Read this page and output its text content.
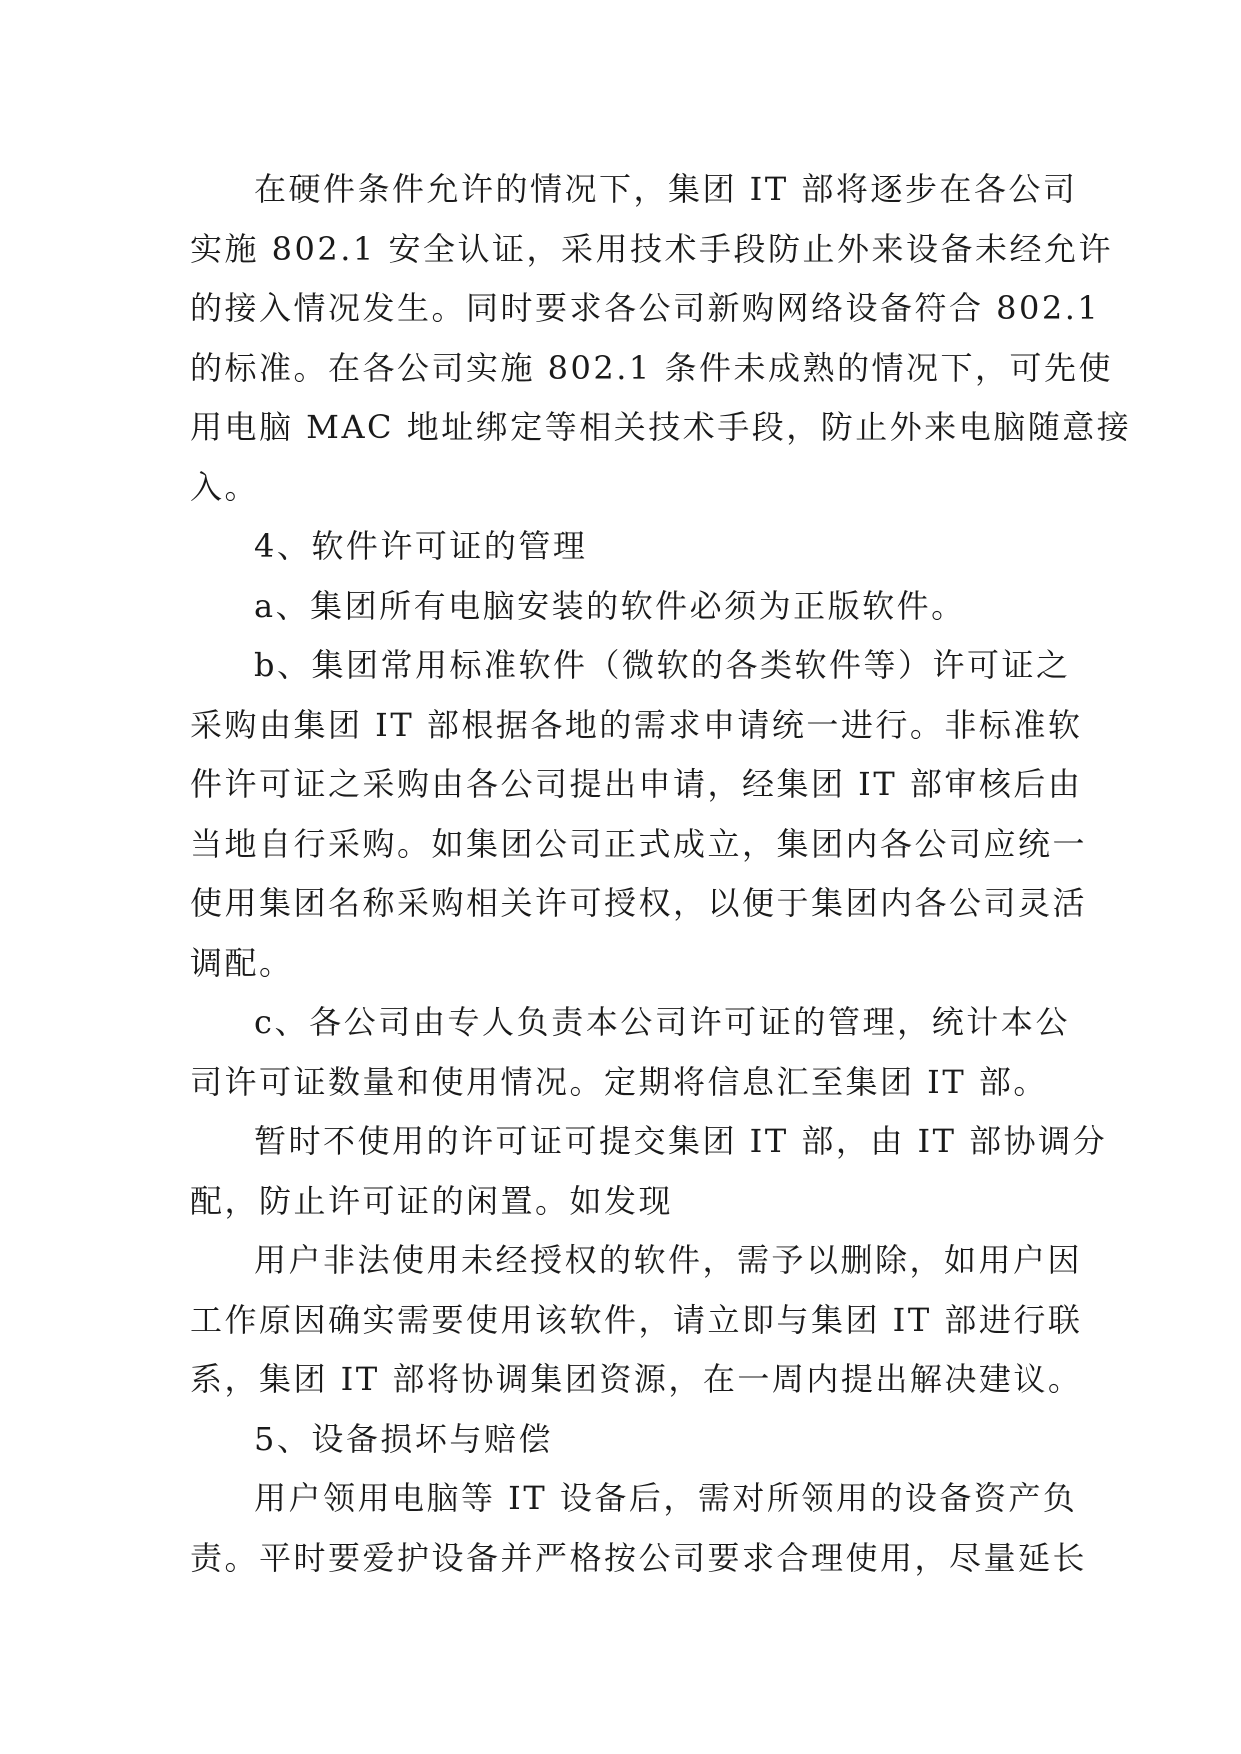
在硬件条件允许的情况下，集团 IT 部将逐步在各公司
实施 802.1 安全认证，采用技术手段防止外来设备未经允许
的接入情况发生。同时要求各公司新购网络设备符合 802.1
的标准。在各公司实施 802.1 条件未成熟的情况下，可先使
用电脑 MAC 地址绑定等相关技术手段，防止外来电脑随意接
入。

4、软件许可证的管理

a、集团所有电脑安装的软件必须为正版软件。

b、集团常用标准软件（微软的各类软件等）许可证之
采购由集团 IT 部根据各地的需求申请统一进行。非标准软
件许可证之采购由各公司提出申请，经集团 IT 部审核后由
当地自行采购。如集团公司正式成立，集团内各公司应统一
使用集团名称采购相关许可授权，以便于集团内各公司灵活
调配。

c、各公司由专人负责本公司许可证的管理，统计本公
司许可证数量和使用情况。定期将信息汇至集团 IT 部。

暂时不使用的许可证可提交集团 IT 部，由 IT 部协调分
配，防止许可证的闲置。如发现

用户非法使用未经授权的软件，需予以删除，如用户因
工作原因确实需要使用该软件，请立即与集团 IT 部进行联
系，集团 IT 部将协调集团资源，在一周内提出解决建议。

5、设备损坏与赔偿

用户领用电脑等 IT 设备后，需对所领用的设备资产负
责。平时要爱护设备并严格按公司要求合理使用，尽量延长
